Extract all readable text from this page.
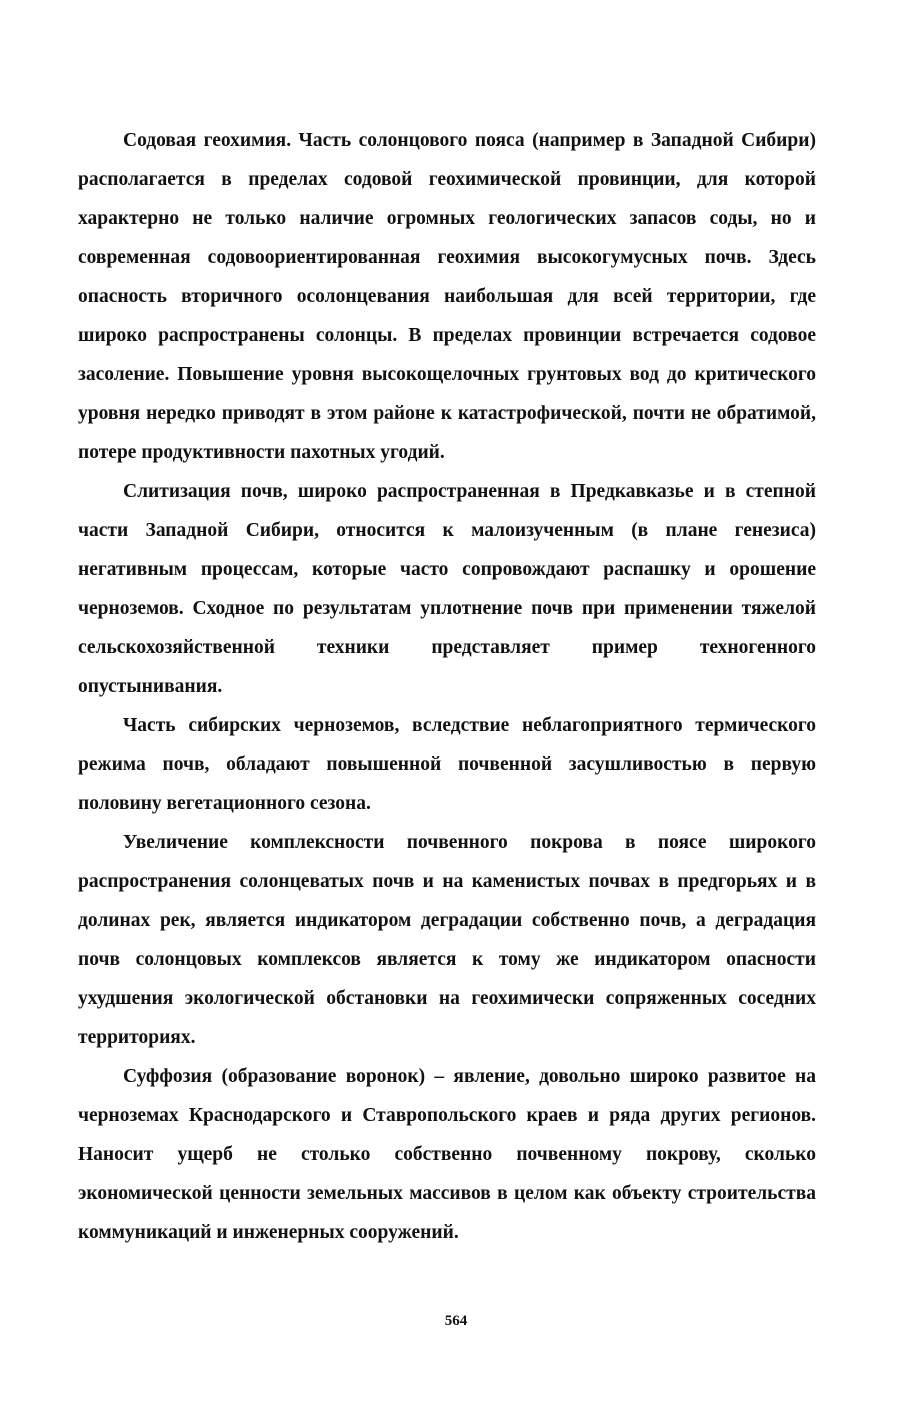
Содовая геохимия. Часть солонцового пояса (например в Западной Сибири) располагается в пределах содовой геохимической провинции, для которой характерно не только наличие огромных геологических запасов соды, но и современная содовоориентированная геохимия высокогумусных почв. Здесь опасность вторичного осолонцевания наибольшая для всей территории, где широко распространены солонцы. В пределах провинции встречается содовое засоление. Повышение уровня высокощелочных грунтовых вод до критического уровня нередко приводят в этом районе к катастрофической, почти не обратимой, потере продуктивности пахотных угодий.

Слитизация почв, широко распространенная в Предкавказье и в степной части Западной Сибири, относится к малоизученным (в плане генезиса) негативным процессам, которые часто сопровождают распашку и орошение черноземов. Сходное по результатам уплотнение почв при применении тяжелой сельскохозяйственной техники представляет пример техногенного опустынивания.

Часть сибирских черноземов, вследствие неблагоприятного термического режима почв, обладают повышенной почвенной засушливостью в первую половину вегетационного сезона.

Увеличение комплексности почвенного покрова в поясе широкого распространения солонцеватых почв и на каменистых почвах в предгорьях и в долинах рек, является индикатором деградации собственно почв, а деградация почв солонцовых комплексов является к тому же индикатором опасности ухудшения экологической обстановки на геохимически сопряженных соседних территориях.

Суффозия (образование воронок) – явление, довольно широко развитое на черноземах Краснодарского и Ставропольского краев и ряда других регионов. Наносит ущерб не столько собственно почвенному покрову, сколько экономической ценности земельных массивов в целом как объекту строительства коммуникаций и инженерных сооружений.

564
